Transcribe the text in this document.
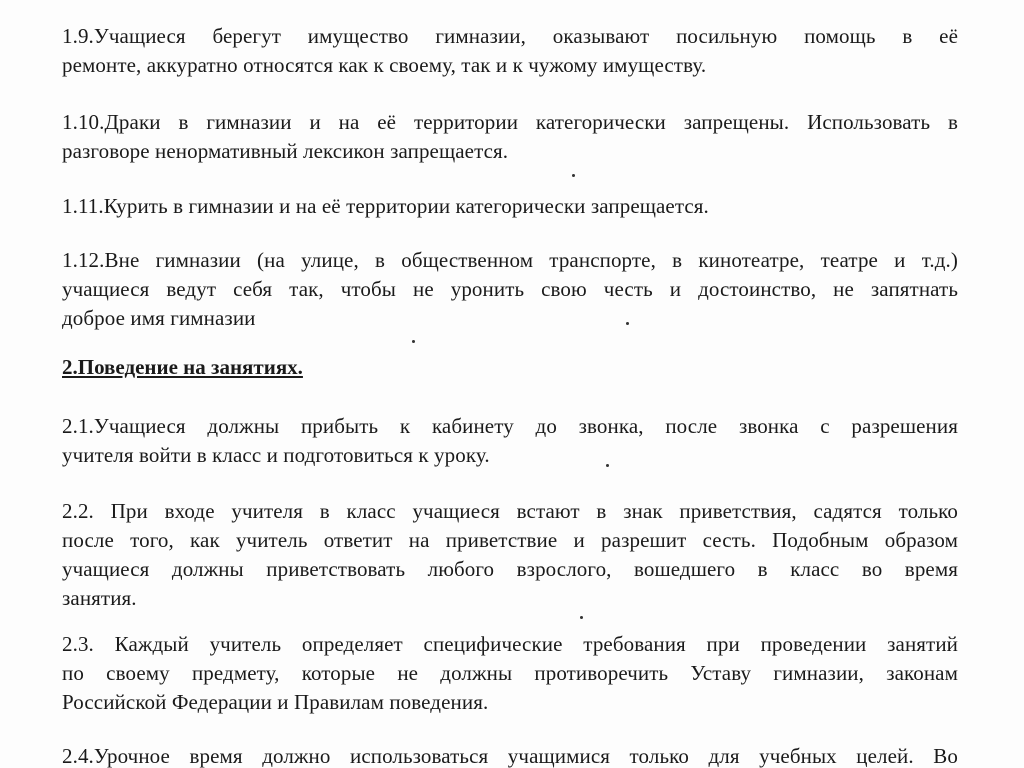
1.9.Учащиеся берегут имущество гимназии, оказывают посильную помощь в её
ремонте, аккуратно относятся как к своему, так и к чужому имуществу.

1.10.Драки в гимназии и на её территории категорически запрещены. Использовать в
разговоре ненормативный лексикон запрещается.

1.11.Курить в гимназии и на её территории категорически запрещается.

1.12.Вне гимназии (на улице, в общественном транспорте, в кинотеатре, театре и т.д.)
учащиеся ведут себя так, чтобы не уронить свою честь и достоинство, не запятнать
доброе имя гимназии

2.Поведение на занятиях.

2.1.Учащиеся должны прибыть к кабинету до звонка, после звонка с разрешения
учителя войти в класс и подготовиться к уроку.

2.2. При входе учителя в класс учащиеся встают в знак приветствия, садятся только
после того, как учитель ответит на приветствие и разрешит сесть. Подобным образом
учащиеся должны приветствовать любого взрослого, вошедшего в класс во время
занятия.

2.3. Каждый учитель определяет специфические требования при проведении занятий
по своему предмету, которые не должны противоречить Уставу гимназии, законам
Российской Федерации и Правилам поведения.

2.4.Урочное время должно использоваться учащимися только для учебных целей. Во
